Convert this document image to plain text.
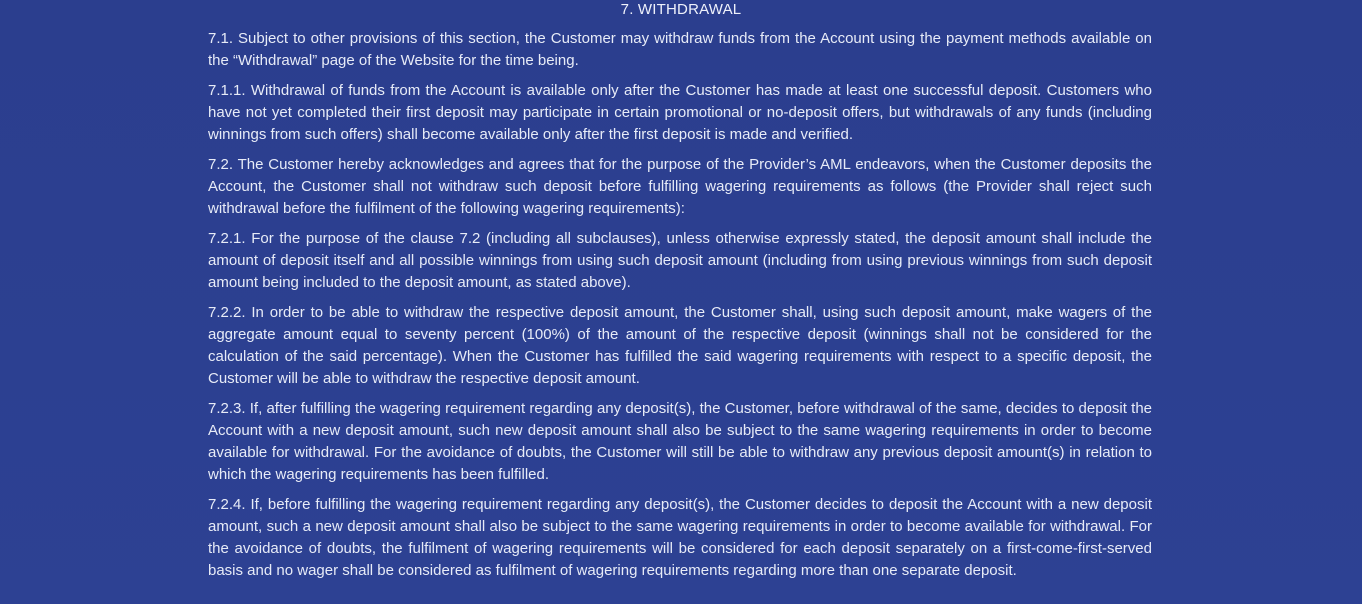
7. WITHDRAWAL

7.1. Subject to other provisions of this section, the Customer may withdraw funds from the Account using the payment methods available on the “Withdrawal” page of the Website for the time being.

7.1.1. Withdrawal of funds from the Account is available only after the Customer has made at least one successful deposit. Customers who have not yet completed their first deposit may participate in certain promotional or no-deposit offers, but withdrawals of any funds (including winnings from such offers) shall become available only after the first deposit is made and verified.

7.2. The Customer hereby acknowledges and agrees that for the purpose of the Provider’s AML endeavors, when the Customer deposits the Account, the Customer shall not withdraw such deposit before fulfilling wagering requirements as follows (the Provider shall reject such withdrawal before the fulfilment of the following wagering requirements):

7.2.1. For the purpose of the clause 7.2 (including all subclauses), unless otherwise expressly stated, the deposit amount shall include the amount of deposit itself and all possible winnings from using such deposit amount (including from using previous winnings from such deposit amount being included to the deposit amount, as stated above).

7.2.2. In order to be able to withdraw the respective deposit amount, the Customer shall, using such deposit amount, make wagers of the aggregate amount equal to seventy percent (100%) of the amount of the respective deposit (winnings shall not be considered for the calculation of the said percentage). When the Customer has fulfilled the said wagering requirements with respect to a specific deposit, the Customer will be able to withdraw the respective deposit amount.

7.2.3. If, after fulfilling the wagering requirement regarding any deposit(s), the Customer, before withdrawal of the same, decides to deposit the Account with a new deposit amount, such new deposit amount shall also be subject to the same wagering requirements in order to become available for withdrawal. For the avoidance of doubts, the Customer will still be able to withdraw any previous deposit amount(s) in relation to which the wagering requirements has been fulfilled.

7.2.4. If, before fulfilling the wagering requirement regarding any deposit(s), the Customer decides to deposit the Account with a new deposit amount, such a new deposit amount shall also be subject to the same wagering requirements in order to become available for withdrawal. For the avoidance of doubts, the fulfilment of wagering requirements will be considered for each deposit separately on a first-come-first-served basis and no wager shall be considered as fulfilment of wagering requirements regarding more than one separate deposit.
